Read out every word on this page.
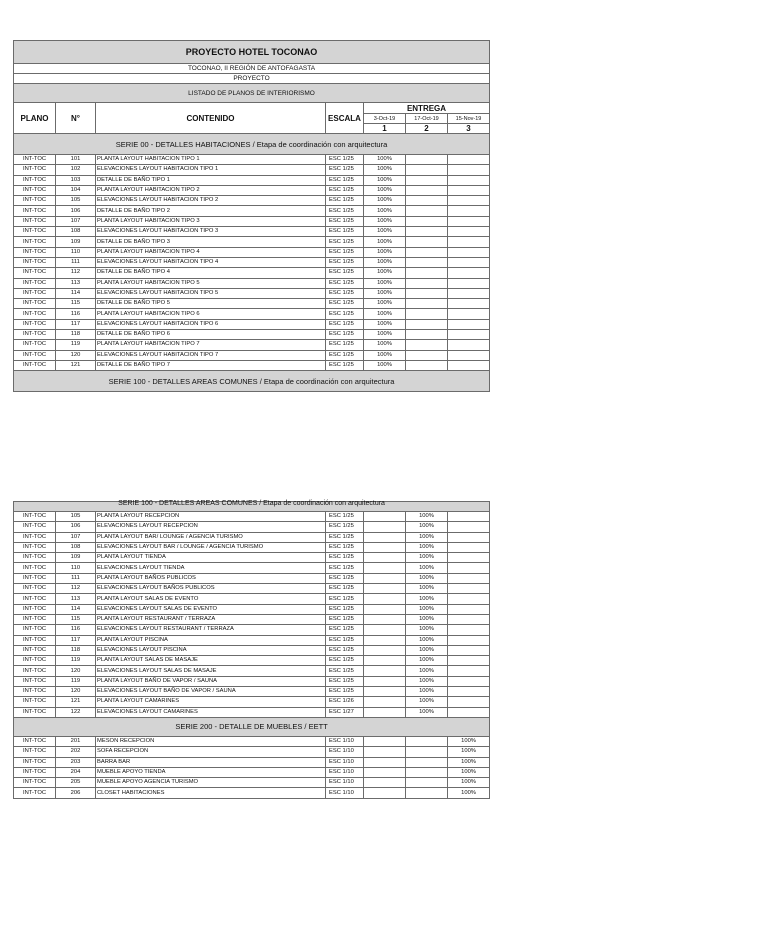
PROYECTO HOTEL TOCONAO						
TOCONAO, II REGIÓN DE ANTOFAGASTA						
PROYECTO						
LISTADO DE PLANOS DE INTERIORISMO						
PLANO	N°	CONTENIDO	ESCALA	ENTREGA		
				3-Oct-19	17-Oct-19	15-Nov-19
				1	2	3
SERIE 00 - DETALLES HABITACIONES / Etapa de coordinación con arquitectura						
INT-TOC	101	PLANTA LAYOUT HABITACION TIPO 1	ESC 1/25	100%		
INT-TOC	102	ELEVACIONES LAYOUT HABITACION TIPO 1	ESC 1/25	100%		
INT-TOC	103	DETALLE DE BAÑO TIPO 1	ESC 1/25	100%		
INT-TOC	104	PLANTA LAYOUT HABITACION TIPO 2	ESC 1/25	100%		
INT-TOC	105	ELEVACIONES LAYOUT HABITACION TIPO 2	ESC 1/25	100%		
INT-TOC	106	DETALLE DE BAÑO TIPO 2	ESC 1/25	100%		
INT-TOC	107	PLANTA LAYOUT HABITACION TIPO 3	ESC 1/25	100%		
INT-TOC	108	ELEVACIONES LAYOUT HABITACION TIPO 3	ESC 1/25	100%		
INT-TOC	109	DETALLE DE BAÑO TIPO 3	ESC 1/25	100%		
INT-TOC	110	PLANTA LAYOUT HABITACION TIPO 4	ESC 1/25	100%		
INT-TOC	111	ELEVACIONES LAYOUT HABITACION TIPO 4	ESC 1/25	100%		
INT-TOC	112	DETALLE DE BAÑO TIPO 4	ESC 1/25	100%		
INT-TOC	113	PLANTA LAYOUT HABITACION TIPO 5	ESC 1/25	100%		
INT-TOC	114	ELEVACIONES LAYOUT HABITACION TIPO 5	ESC 1/25	100%		
INT-TOC	115	DETALLE DE BAÑO TIPO 5	ESC 1/25	100%		
INT-TOC	116	PLANTA LAYOUT HABITACION TIPO 6	ESC 1/25	100%		
INT-TOC	117	ELEVACIONES LAYOUT HABITACION TIPO 6	ESC 1/25	100%		
INT-TOC	118	DETALLE DE BAÑO TIPO 6	ESC 1/25	100%		
INT-TOC	119	PLANTA LAYOUT HABITACION TIPO 7	ESC 1/25	100%		
INT-TOC	120	ELEVACIONES LAYOUT HABITACION TIPO 7	ESC 1/25	100%		
INT-TOC	121	DETALLE DE BAÑO TIPO 7	ESC 1/25	100%		
SERIE 100 - DETALLES AREAS COMUNES / Etapa de coordinación con arquitectura						
SERIE 100 - DETALLES AREAS COMUNES / Etapa de coordinación con arquitectura						
INT-TOC	105	PLANTA LAYOUT RECEPCION	ESC 1/25		100%	
INT-TOC	106	ELEVACIONES LAYOUT RECEPCION	ESC 1/25		100%	
INT-TOC	107	PLANTA LAYOUT BAR/ LOUNGE / AGENCIA TURISMO	ESC 1/25		100%	
INT-TOC	108	ELEVACIONES LAYOUT BAR / LOUNGE / AGENCIA TURISMO	ESC 1/25		100%	
INT-TOC	109	PLANTA LAYOUT TIENDA	ESC 1/25		100%	
INT-TOC	110	ELEVACIONES LAYOUT TIENDA	ESC 1/25		100%	
INT-TOC	111	PLANTA LAYOUT BAÑOS PUBLICOS	ESC 1/25		100%	
INT-TOC	112	ELEVACIONES LAYOUT BAÑOS PUBLICOS	ESC 1/25		100%	
INT-TOC	113	PLANTA LAYOUT SALAS DE EVENTO	ESC 1/25		100%	
INT-TOC	114	ELEVACIONES LAYOUT SALAS DE EVENTO	ESC 1/25		100%	
INT-TOC	115	PLANTA LAYOUT RESTAURANT / TERRAZA	ESC 1/25		100%	
INT-TOC	116	ELEVACIONES LAYOUT RESTAURANT / TERRAZA	ESC 1/25		100%	
INT-TOC	117	PLANTA LAYOUT PISCINA	ESC 1/25		100%	
INT-TOC	118	ELEVACIONES LAYOUT PISCINA	ESC 1/25		100%	
INT-TOC	119	PLANTA LAYOUT SALAS DE MASAJE	ESC 1/25		100%	
INT-TOC	120	ELEVACIONES LAYOUT SALAS DE MASAJE	ESC 1/25		100%	
INT-TOC	119	PLANTA LAYOUT BAÑO DE VAPOR / SAUNA	ESC 1/25		100%	
INT-TOC	120	ELEVACIONES LAYOUT BAÑO DE VAPOR / SAUNA	ESC 1/25		100%	
INT-TOC	121	PLANTA LAYOUT CAMARINES	ESC 1/26		100%	
INT-TOC	122	ELEVACIONES LAYOUT CAMARINES	ESC 1/27		100%	
SERIE 200 - DETALLE DE MUEBLES / EETT						
INT-TOC	201	MESON RECEPCION	ESC 1/10			100%
INT-TOC	202	SOFA RECEPCION	ESC 1/10			100%
INT-TOC	203	BARRA BAR	ESC 1/10			100%
INT-TOC	204	MUEBLE APOYO TIENDA	ESC 1/10			100%
INT-TOC	205	MUEBLE APOYO AGENCIA TURISMO	ESC 1/10			100%
INT-TOC	206	CLOSET HABITACIONES	ESC 1/10			100%
